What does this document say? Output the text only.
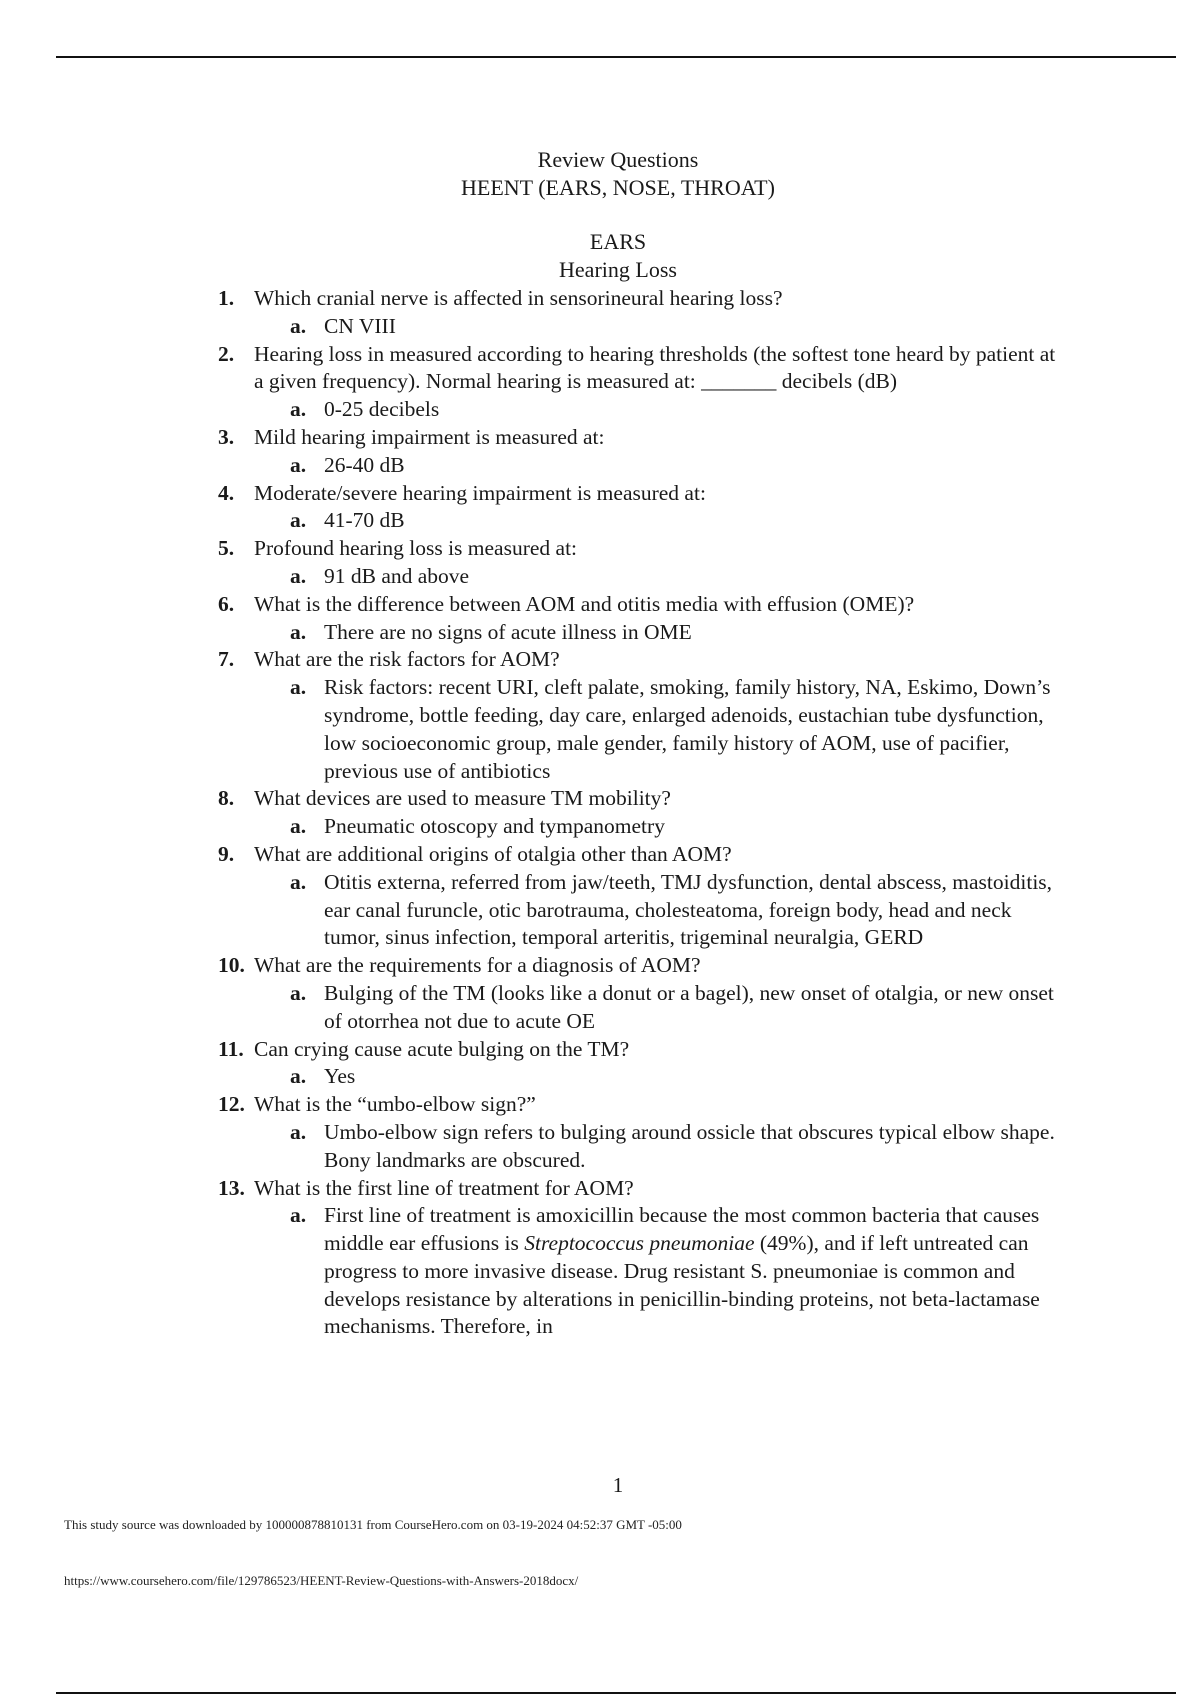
Review Questions
HEENT (EARS, NOSE, THROAT)
EARS
Hearing Loss
1. Which cranial nerve is affected in sensorineural hearing loss?
a. CN VIII
2. Hearing loss in measured according to hearing thresholds (the softest tone heard by patient at a given frequency). Normal hearing is measured at: _______ decibels (dB)
a. 0-25 decibels
3. Mild hearing impairment is measured at:
a. 26-40 dB
4. Moderate/severe hearing impairment is measured at:
a. 41-70 dB
5. Profound hearing loss is measured at:
a. 91 dB and above
6. What is the difference between AOM and otitis media with effusion (OME)?
a. There are no signs of acute illness in OME
7. What are the risk factors for AOM?
a. Risk factors: recent URI, cleft palate, smoking, family history, NA, Eskimo, Down’s syndrome, bottle feeding, day care, enlarged adenoids, eustachian tube dysfunction, low socioeconomic group, male gender, family history of AOM, use of pacifier, previous use of antibiotics
8. What devices are used to measure TM mobility?
a. Pneumatic otoscopy and tympanometry
9. What are additional origins of otalgia other than AOM?
a. Otitis externa, referred from jaw/teeth, TMJ dysfunction, dental abscess, mastoiditis, ear canal furuncle, otic barotrauma, cholesteatoma, foreign body, head and neck tumor, sinus infection, temporal arteritis, trigeminal neuralgia, GERD
10. What are the requirements for a diagnosis of AOM?
a. Bulging of the TM (looks like a donut or a bagel), new onset of otalgia, or new onset of otorrhea not due to acute OE
11. Can crying cause acute bulging on the TM?
a. Yes
12. What is the “umbo-elbow sign?”
a. Umbo-elbow sign refers to bulging around ossicle that obscures typical elbow shape. Bony landmarks are obscured.
13. What is the first line of treatment for AOM?
a. First line of treatment is amoxicillin because the most common bacteria that causes middle ear effusions is Streptococcus pneumoniae (49%), and if left untreated can progress to more invasive disease. Drug resistant S. pneumoniae is common and develops resistance by alterations in penicillin-binding proteins, not beta-lactamase mechanisms. Therefore, in
1
This study source was downloaded by 100000878810131 from CourseHero.com on 03-19-2024 04:52:37 GMT -05:00
https://www.coursehero.com/file/129786523/HEENT-Review-Questions-with-Answers-2018docx/
